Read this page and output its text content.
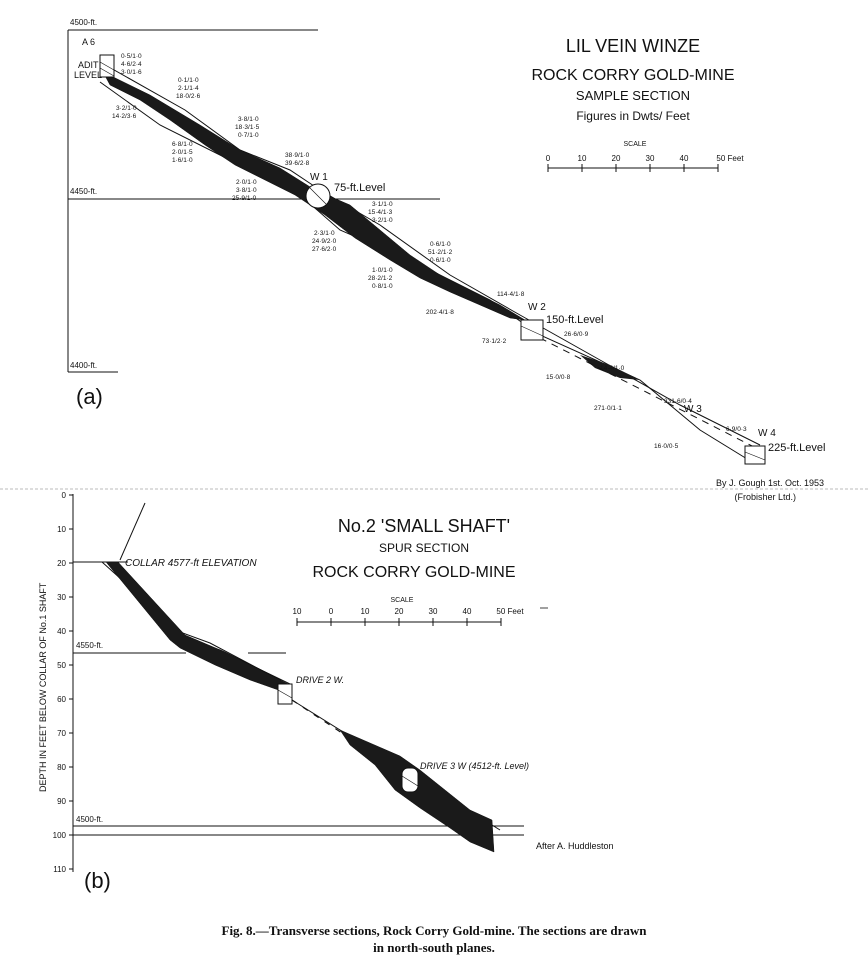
4500-ft.
4450-ft.
4400-ft.
A 6
ADIT
LEVEL
W 1
W 2
W 3
W 4
75-ft.Level
150-ft.Level
225-ft.Level
0·5/1·0
4·6/2·4
3·0/1·6
0·1/1·0
2·1/1·4
18·0/2·6
3·2/1·0
14·2/3·6	3·8/1·0
18·3/1·5
0·7/1·0
6·8/1·0
2·0/1·5
1·6/1·0
38·9/1·0
39·6/2·8
2·0/1·0
3·8/1·0
25·9/1·0
3·1/1·0
15·4/1·3
3·2/1·0
2·3/1·0
24·9/2·0
27·6/2·0
0·6/1·0
51·2/1·2
0·6/1·0
1·0/1·0
28·2/1·2
0·8/1·0
114·4/1·8
202·4/1·8
26·6/0·9
73·1/2·2
14·4/1·0
15·0/0·8
331·6/0·4
271·0/1·1
6·9/0·3
16·0/0·5
LIL VEIN WINZE
ROCK CORRY GOLD-MINE
SAMPLE SECTION
Figures in Dwts/ Feet
SCALE
0	10	20	30	40	50 Feet
(a)
By J. Gough 1st. Oct. 1953
(Frobisher Ltd.)
0
10
20
30
40
50
60
70
80
90
100
110
DEPTH IN FEET BELOW COLLAR OF No.1 SHAFT	4550-ft.
4500-ft.
COLLAR 4577-ft ELEVATION
DRIVE 2 W.
DRIVE 3 W (4512-ft. Level)
After A. Huddleston
No.2 'SMALL SHAFT'
SPUR SECTION
ROCK CORRY GOLD-MINE
SCALE
10	0	10	20	30	40	50 Feet
(b)
Fig. 8.—Transverse sections, Rock Corry Gold-mine. The sections are drawn
in north-south planes.
